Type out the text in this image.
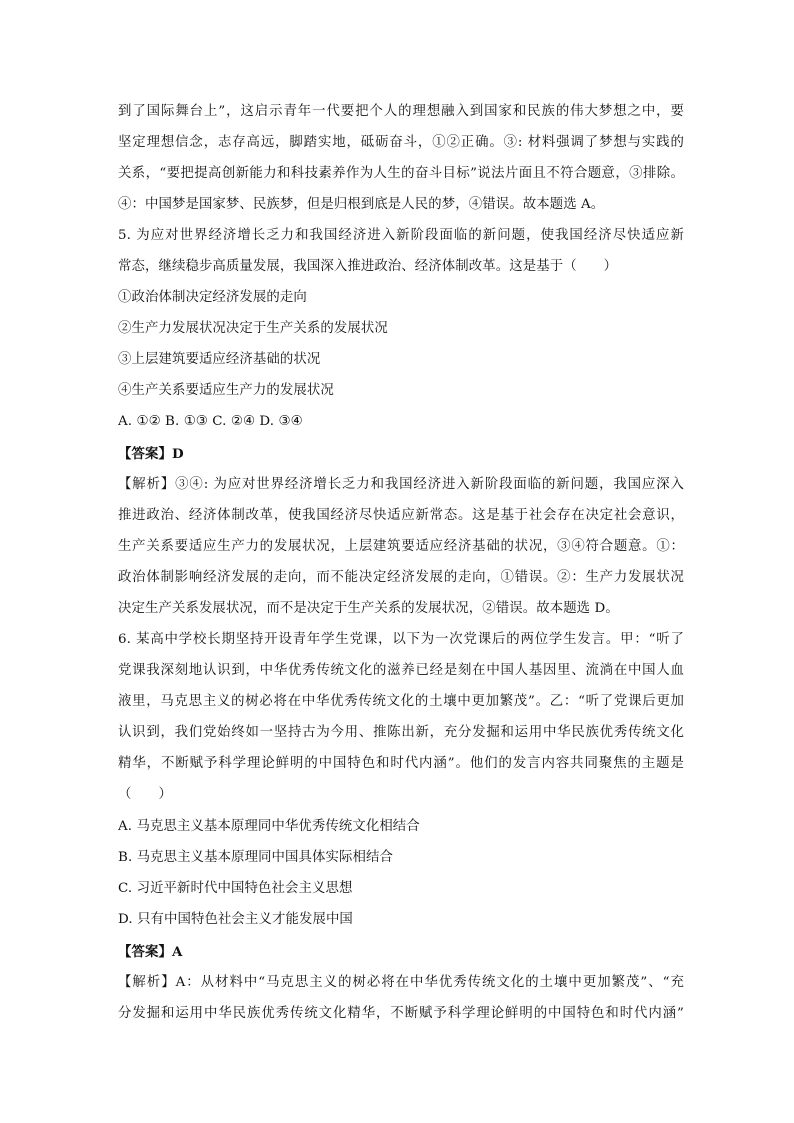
到了国际舞台上”，这启示青年一代要把个人的理想融入到国家和民族的伟大梦想之中，要
坚定理想信念，志存高远，脚踏实地，砥砺奋斗，①②正确。③: 材料强调了梦想与实践的
关系，“要把提高创新能力和科技素养作为人生的奋斗目标”说法片面且不符合题意，③排除。
④：中国梦是国家梦、民族梦，但是归根到底是人民的梦，④错误。故本题选 A。
5. 为应对世界经济增长乏力和我国经济进入新阶段面临的新问题，使我国经济尽快适应新
常态，继续稳步高质量发展，我国深入推进政治、经济体制改革。这是基于（　　）
①政治体制决定经济发展的走向
②生产力发展状况决定于生产关系的发展状况
③上层建筑要适应经济基础的状况
④生产关系要适应生产力的发展状况
A. ①② B. ①③ C. ②④ D. ③④
【答案】D
【解析】③④: 为应对世界经济增长乏力和我国经济进入新阶段面临的新问题，我国应深入
推进政治、经济体制改革，使我国经济尽快适应新常态。这是基于社会存在决定社会意识，
生产关系要适应生产力的发展状况，上层建筑要适应经济基础的状况，③④符合题意。①：
政治体制影响经济发展的走向，而不能决定经济发展的走向，①错误。②：生产力发展状况
决定生产关系发展状况，而不是决定于生产关系的发展状况，②错误。故本题选 D。
6. 某高中学校长期坚持开设青年学生党课，以下为一次党课后的两位学生发言。甲：“听了
党课我深刻地认识到，中华优秀传统文化的滋养已经是刻在中国人基因里、流淌在中国人血
液里，马克思主义的树必将在中华优秀传统文化的土壤中更加繁茂”。乙：“听了党课后更加
认识到，我们党始终如一坚持古为今用、推陈出新，充分发掘和运用中华民族优秀传统文化
精华，不断赋予科学理论鲜明的中国特色和时代内涵”。他们的发言内容共同聚焦的主题是
（　　）
A. 马克思主义基本原理同中华优秀传统文化相结合
B. 马克思主义基本原理同中国具体实际相结合
C. 习近平新时代中国特色社会主义思想
D. 只有中国特色社会主义才能发展中国
【答案】A
【解析】A：从材料中“马克思主义的树必将在中华优秀传统文化的土壤中更加繁茂”、“充
分发掘和运用中华民族优秀传统文化精华，不断赋予科学理论鲜明的中国特色和时代内涵”
